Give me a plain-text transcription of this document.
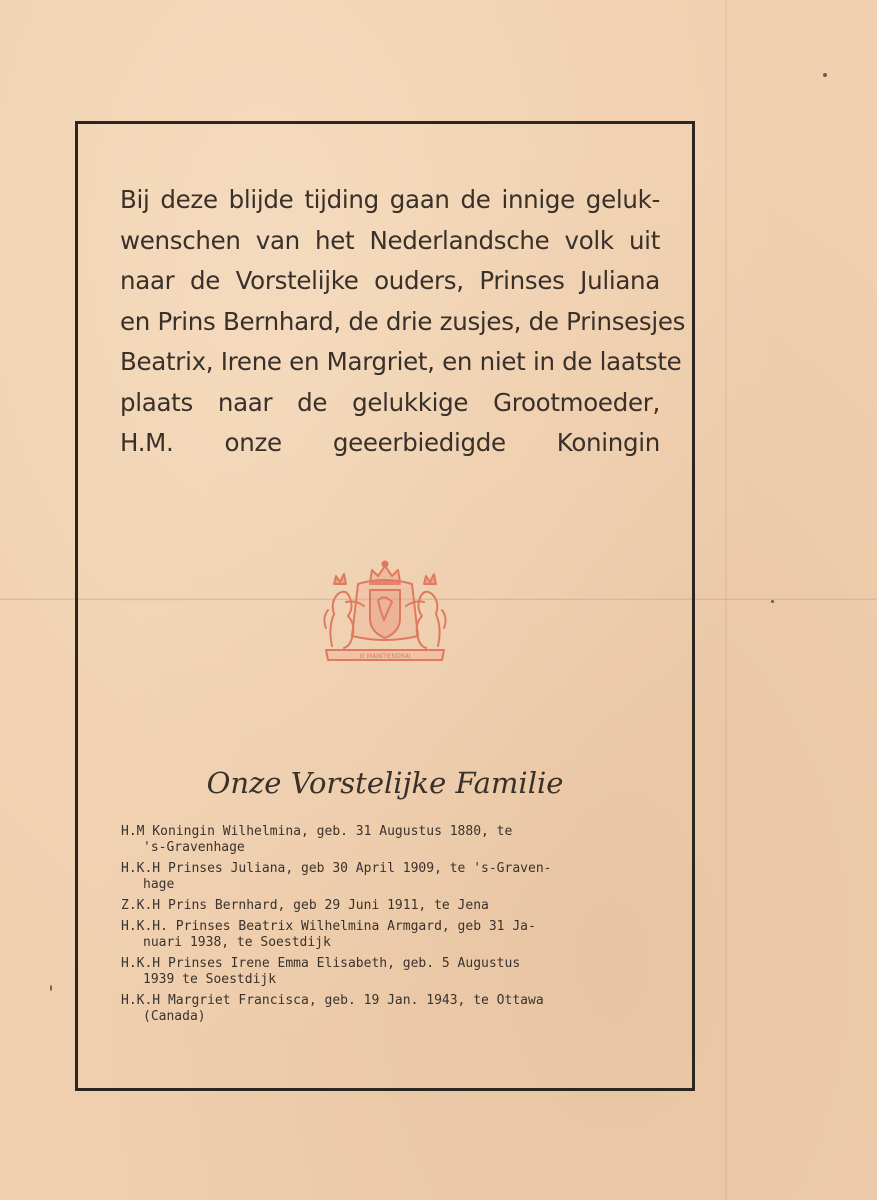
Bij deze blijde tijding gaan de innige geluk-
wenschen van het Nederlandsche volk uit
naar de Vorstelijke ouders, Prinses Juliana
en Prins Bernhard, de drie zusjes, de Prinsesjes
Beatrix, Irene en Margriet, en niet in de laatste
plaats naar de gelukkige Grootmoeder,
H.M. onze geeerbiedigde Koningin

JE MAINTIENDRAI
Onze Vorstelijke Familie
H.M Koningin Wilhelmina, geb. 31 Augustus 1880, te
's-Gravenhage
H.K.H Prinses Juliana, geb 30 April 1909, te 's-Graven-
hage
Z.K.H Prins Bernhard, geb 29 Juni 1911, te Jena
H.K.H. Prinses Beatrix Wilhelmina Armgard, geb 31 Ja-
nuari 1938, te Soestdijk
H.K.H Prinses Irene Emma Elisabeth, geb. 5 Augustus
1939 te Soestdijk
H.K.H Margriet Francisca, geb. 19 Jan. 1943, te Ottawa
(Canada)
